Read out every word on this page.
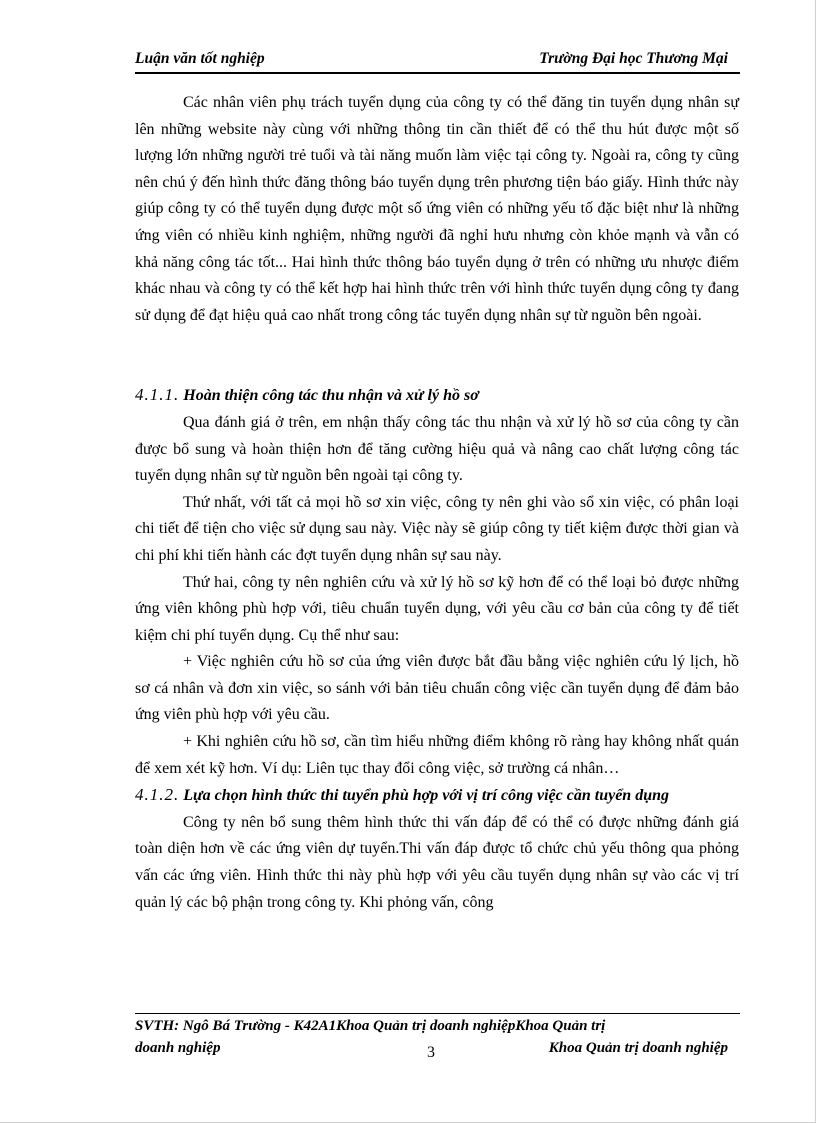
Luận văn tốt nghiệp	Trường Đại học Thương Mại

Các nhân viên phụ trách tuyển dụng của công ty có thể đăng tin tuyển dụng nhân sự lên những website này cùng với những thông tin cần thiết để có thể thu hút được một số lượng lớn những người trẻ tuổi và tài năng muốn làm việc tại công ty. Ngoài ra, công ty cũng nên chú ý đến hình thức đăng thông báo tuyển dụng trên phương tiện báo giấy. Hình thức này giúp công ty có thể tuyển dụng được một số ứng viên có những yếu tố đặc biệt như là những ứng viên có nhiều kinh nghiệm, những người đã nghỉ hưu nhưng còn khỏe mạnh và vẫn có khả năng công tác tốt... Hai hình thức thông báo tuyển dụng ở trên có những ưu nhược điểm khác nhau và công ty có thể kết hợp hai hình thức trên với hình thức tuyển dụng công ty đang sử dụng để đạt hiệu quả cao nhất trong công tác tuyển dụng nhân sự từ nguồn bên ngoài.

4.1.1. Hoàn thiện công tác thu nhận và xử lý hồ sơ

Qua đánh giá ở trên, em nhận thấy công tác thu nhận và xử lý hồ sơ của công ty cần được bổ sung và hoàn thiện hơn để tăng cường hiệu quả và nâng cao chất lượng công tác tuyển dụng nhân sự từ nguồn bên ngoài tại công ty.

Thứ nhất, với tất cả mọi hồ sơ xin việc, công ty nên ghi vào sổ xin việc, có phân loại chi tiết để tiện cho việc sử dụng sau này. Việc này sẽ giúp công ty tiết kiệm được thời gian và chi phí khi tiến hành các đợt tuyển dụng nhân sự sau này.

Thứ hai, công ty nên nghiên cứu và xử lý hồ sơ kỹ hơn để có thể loại bỏ được những ứng viên không phù hợp với, tiêu chuẩn tuyển dụng, với yêu cầu cơ bản của công ty để tiết kiệm chi phí tuyển dụng. Cụ thể như sau:

+ Việc nghiên cứu hồ sơ của ứng viên được bắt đầu bằng việc nghiên cứu lý lịch, hồ sơ cá nhân và đơn xin việc, so sánh với bản tiêu chuẩn công việc cần tuyển dụng để đảm bảo ứng viên phù hợp với yêu cầu.

+ Khi nghiên cứu hồ sơ, cần tìm hiểu những điểm không rõ ràng hay không nhất quán để xem xét kỹ hơn. Ví dụ: Liên tục thay đổi công việc, sở trường cá nhân…

4.1.2. Lựa chọn hình thức thi tuyển phù hợp với vị trí công việc cần tuyển dụng

Công ty nên bổ sung thêm hình thức thi vấn đáp để có thể có được những đánh giá toàn diện hơn về các ứng viên dự tuyển.Thi vấn đáp được tổ chức chủ yếu thông qua phỏng vấn các ứng viên. Hình thức thi này phù hợp với yêu cầu tuyển dụng nhân sự vào các vị trí quản lý các bộ phận trong công ty. Khi phỏng vấn, công

SVTH: Ngô Bá Trường - K42A1Khoa Quản trị doanh nghiệpKhoa Quản trị
doanh nghiệp	3	Khoa Quản trị doanh nghiệp
